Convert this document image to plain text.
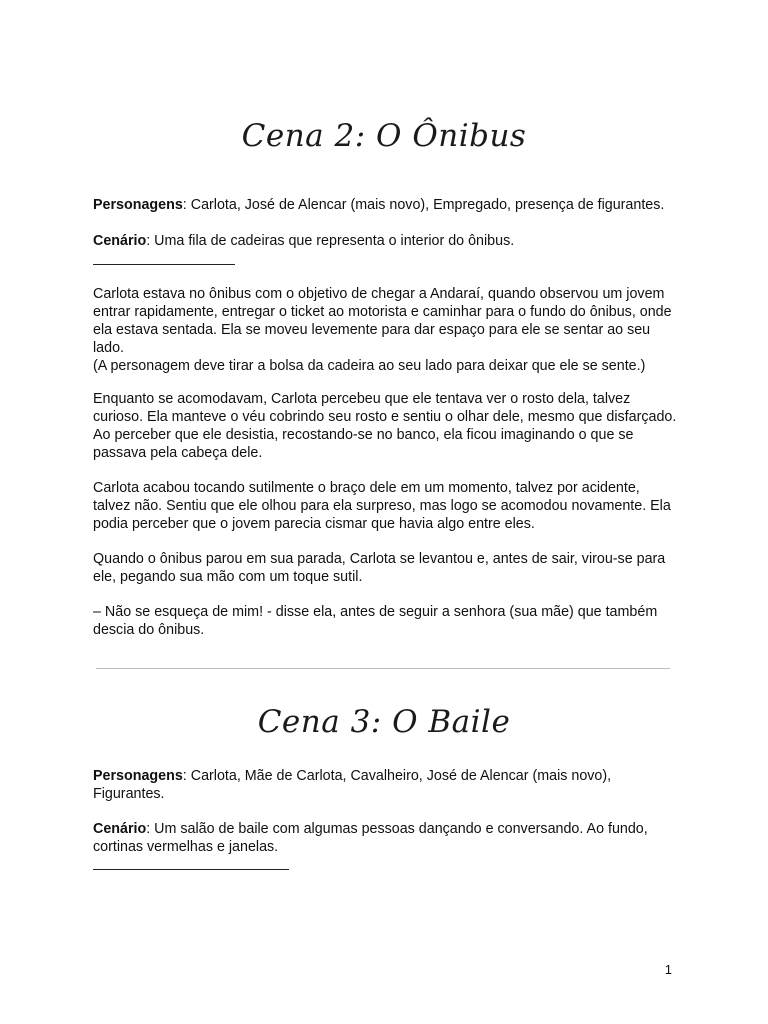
Cena 2: O Ônibus
Personagens: Carlota, José de Alencar (mais novo), Empregado, presença de figurantes.
Cenário: Uma fila de cadeiras que representa o interior do ônibus.
Carlota estava no ônibus com o objetivo de chegar a Andaraí, quando observou um jovem entrar rapidamente, entregar o ticket ao motorista e caminhar para o fundo do ônibus, onde ela estava sentada. Ela se moveu levemente para dar espaço para ele se sentar ao seu lado.
(A personagem deve tirar a bolsa da cadeira ao seu lado para deixar que ele se sente.)
Enquanto se acomodavam, Carlota percebeu que ele tentava ver o rosto dela, talvez curioso. Ela manteve o véu cobrindo seu rosto e sentiu o olhar dele, mesmo que disfarçado. Ao perceber que ele desistia, recostando-se no banco, ela ficou imaginando o que se passava pela cabeça dele.
Carlota acabou tocando sutilmente o braço dele em um momento, talvez por acidente, talvez não. Sentiu que ele olhou para ela surpreso, mas logo se acomodou novamente. Ela podia perceber que o jovem parecia cismar que havia algo entre eles.
Quando o ônibus parou em sua parada, Carlota se levantou e, antes de sair, virou-se para ele, pegando sua mão com um toque sutil.
– Não se esqueça de mim! - disse ela, antes de seguir a senhora (sua mãe) que também descia do ônibus.
Cena 3: O Baile
Personagens: Carlota, Mãe de Carlota, Cavalheiro, José de Alencar (mais novo), Figurantes.
Cenário: Um salão de baile com algumas pessoas dançando e conversando. Ao fundo, cortinas vermelhas e janelas.
1
